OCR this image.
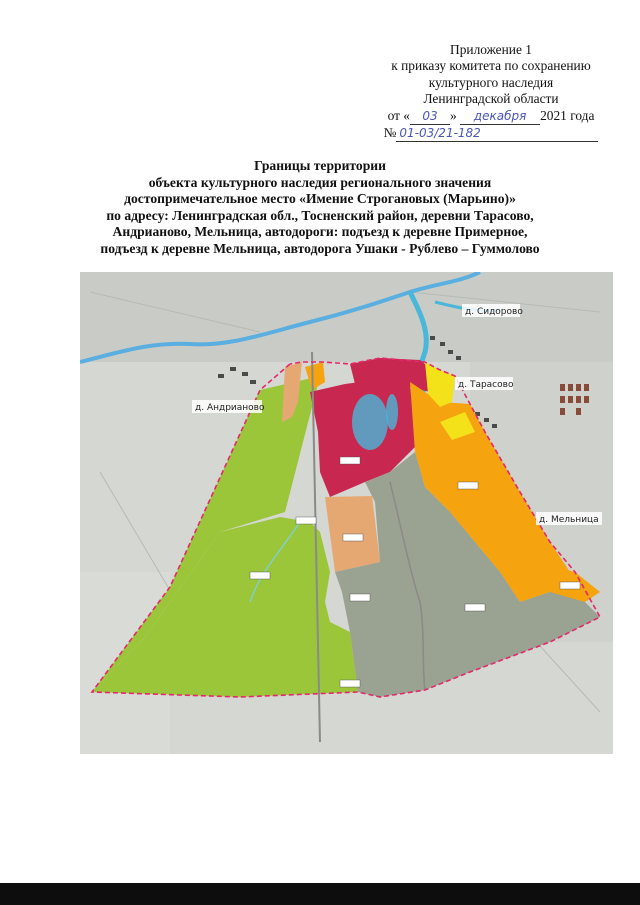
Приложение 1
к приказу комитета по сохранению
культурного наследия
Ленинградской области
от « 03 » декабря 2021 года
№ 01-03/21-182
Границы территории
объекта культурного наследия регионального значения
достопримечательное место «Имение Строгановых (Марьино)»
по адресу: Ленинградская обл., Тосненский район, деревни Тарасово,
Андрианово, Мельница, автодороги: подъезд к деревне Примерное,
подъезд к деревне Мельница, автодорога Ушаки - Рублево – Гуммолово
д. Сидорово
д. Тарасово
д. Андрианово
д. Мельница
